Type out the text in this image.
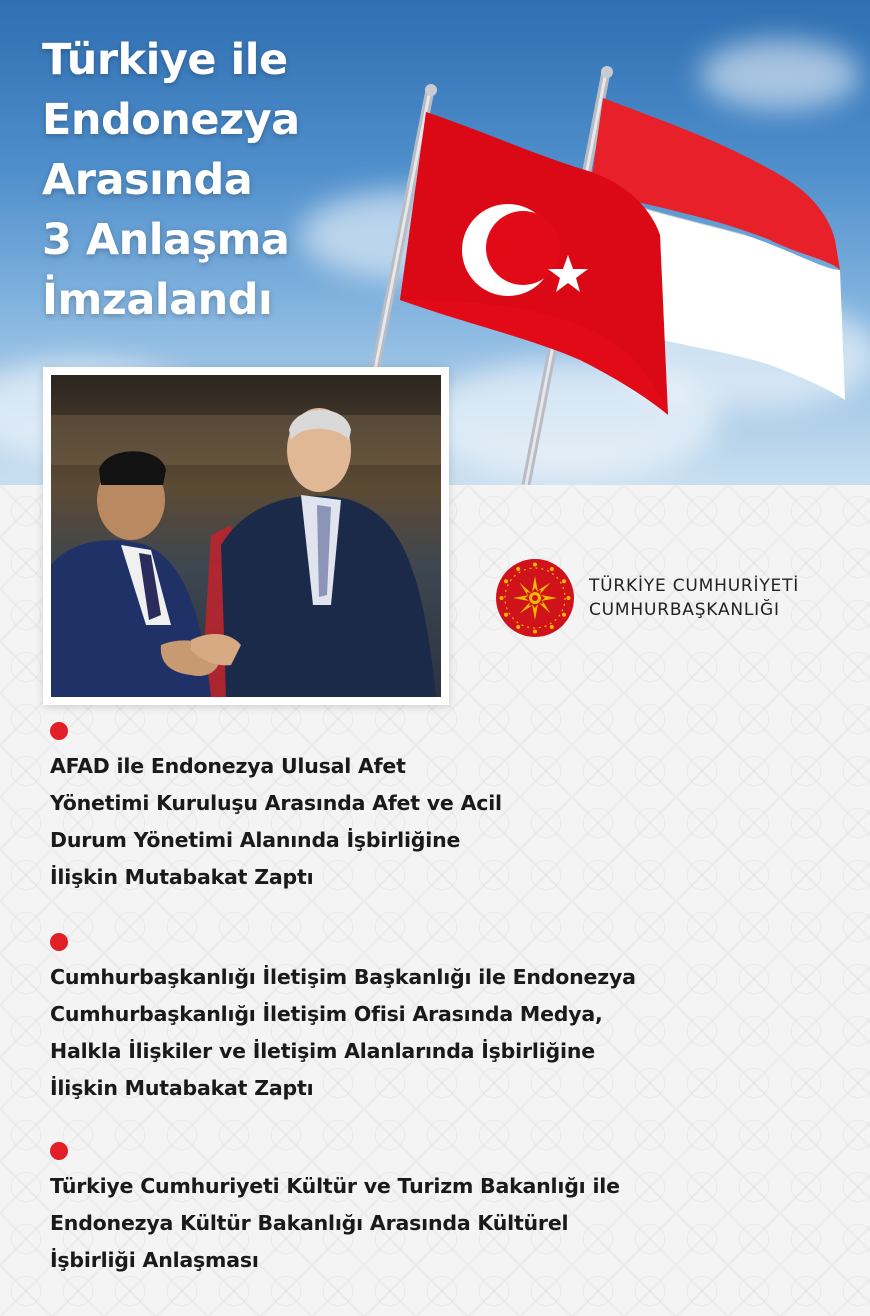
Türkiye ile
Endonezya
Arasında
3 Anlaşma
İmzalandı
TÜRKİYE CUMHURİYETİ
CUMHURBAŞKANLIĞI

AFAD ile Endonezya Ulusal Afet
Yönetimi Kuruluşu Arasında Afet ve Acil
Durum Yönetimi Alanında İşbirliğine
İlişkin Mutabakat Zaptı

Cumhurbaşkanlığı İletişim Başkanlığı ile Endonezya
Cumhurbaşkanlığı İletişim Ofisi Arasında Medya,
Halkla İlişkiler ve İletişim Alanlarında İşbirliğine
İlişkin Mutabakat Zaptı

Türkiye Cumhuriyeti Kültür ve Turizm Bakanlığı ile
Endonezya Kültür Bakanlığı Arasında Kültürel
İşbirliği Anlaşması
